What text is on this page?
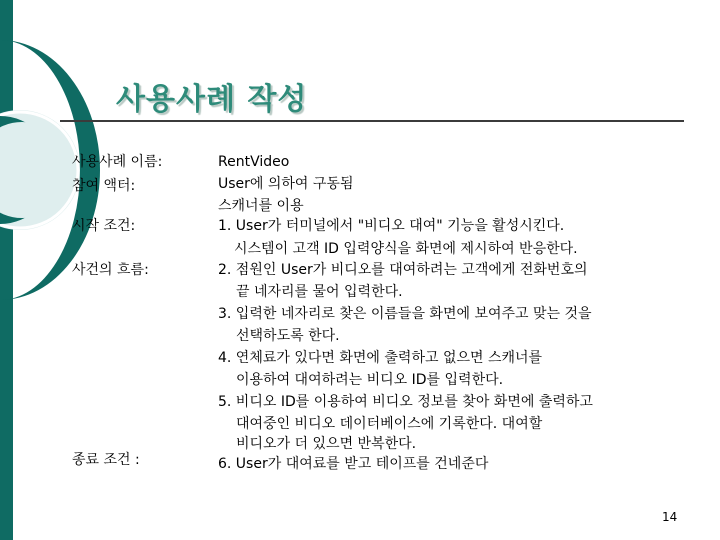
사용사례 작성
사용사례 이름:
참여 액터:
시작 조건:
사건의 흐름:
종료 조건 :
RentVideo
User에 의하여 구동됨
스캐너를 이용
1. User가 터미널에서 "비디오 대여" 기능을 활성시킨다.
시스템이 고객 ID 입력양식을 화면에 제시하여 반응한다.
2. 점원인 User가 비디오를 대여하려는 고객에게 전화번호의
끝 네자리를 물어 입력한다.
3. 입력한 네자리로 찾은 이름들을 화면에 보여주고 맞는 것을
선택하도록 한다.
4. 연체료가 있다면 화면에 출력하고 없으면 스캐너를
이용하여 대여하려는 비디오 ID를 입력한다.
5. 비디오 ID를 이용하여 비디오 정보를 찾아 화면에 출력하고
대여중인 비디오 데이터베이스에 기록한다. 대여할
비디오가 더 있으면 반복한다.
6. User가 대여료를 받고 테이프를 건네준다
14
